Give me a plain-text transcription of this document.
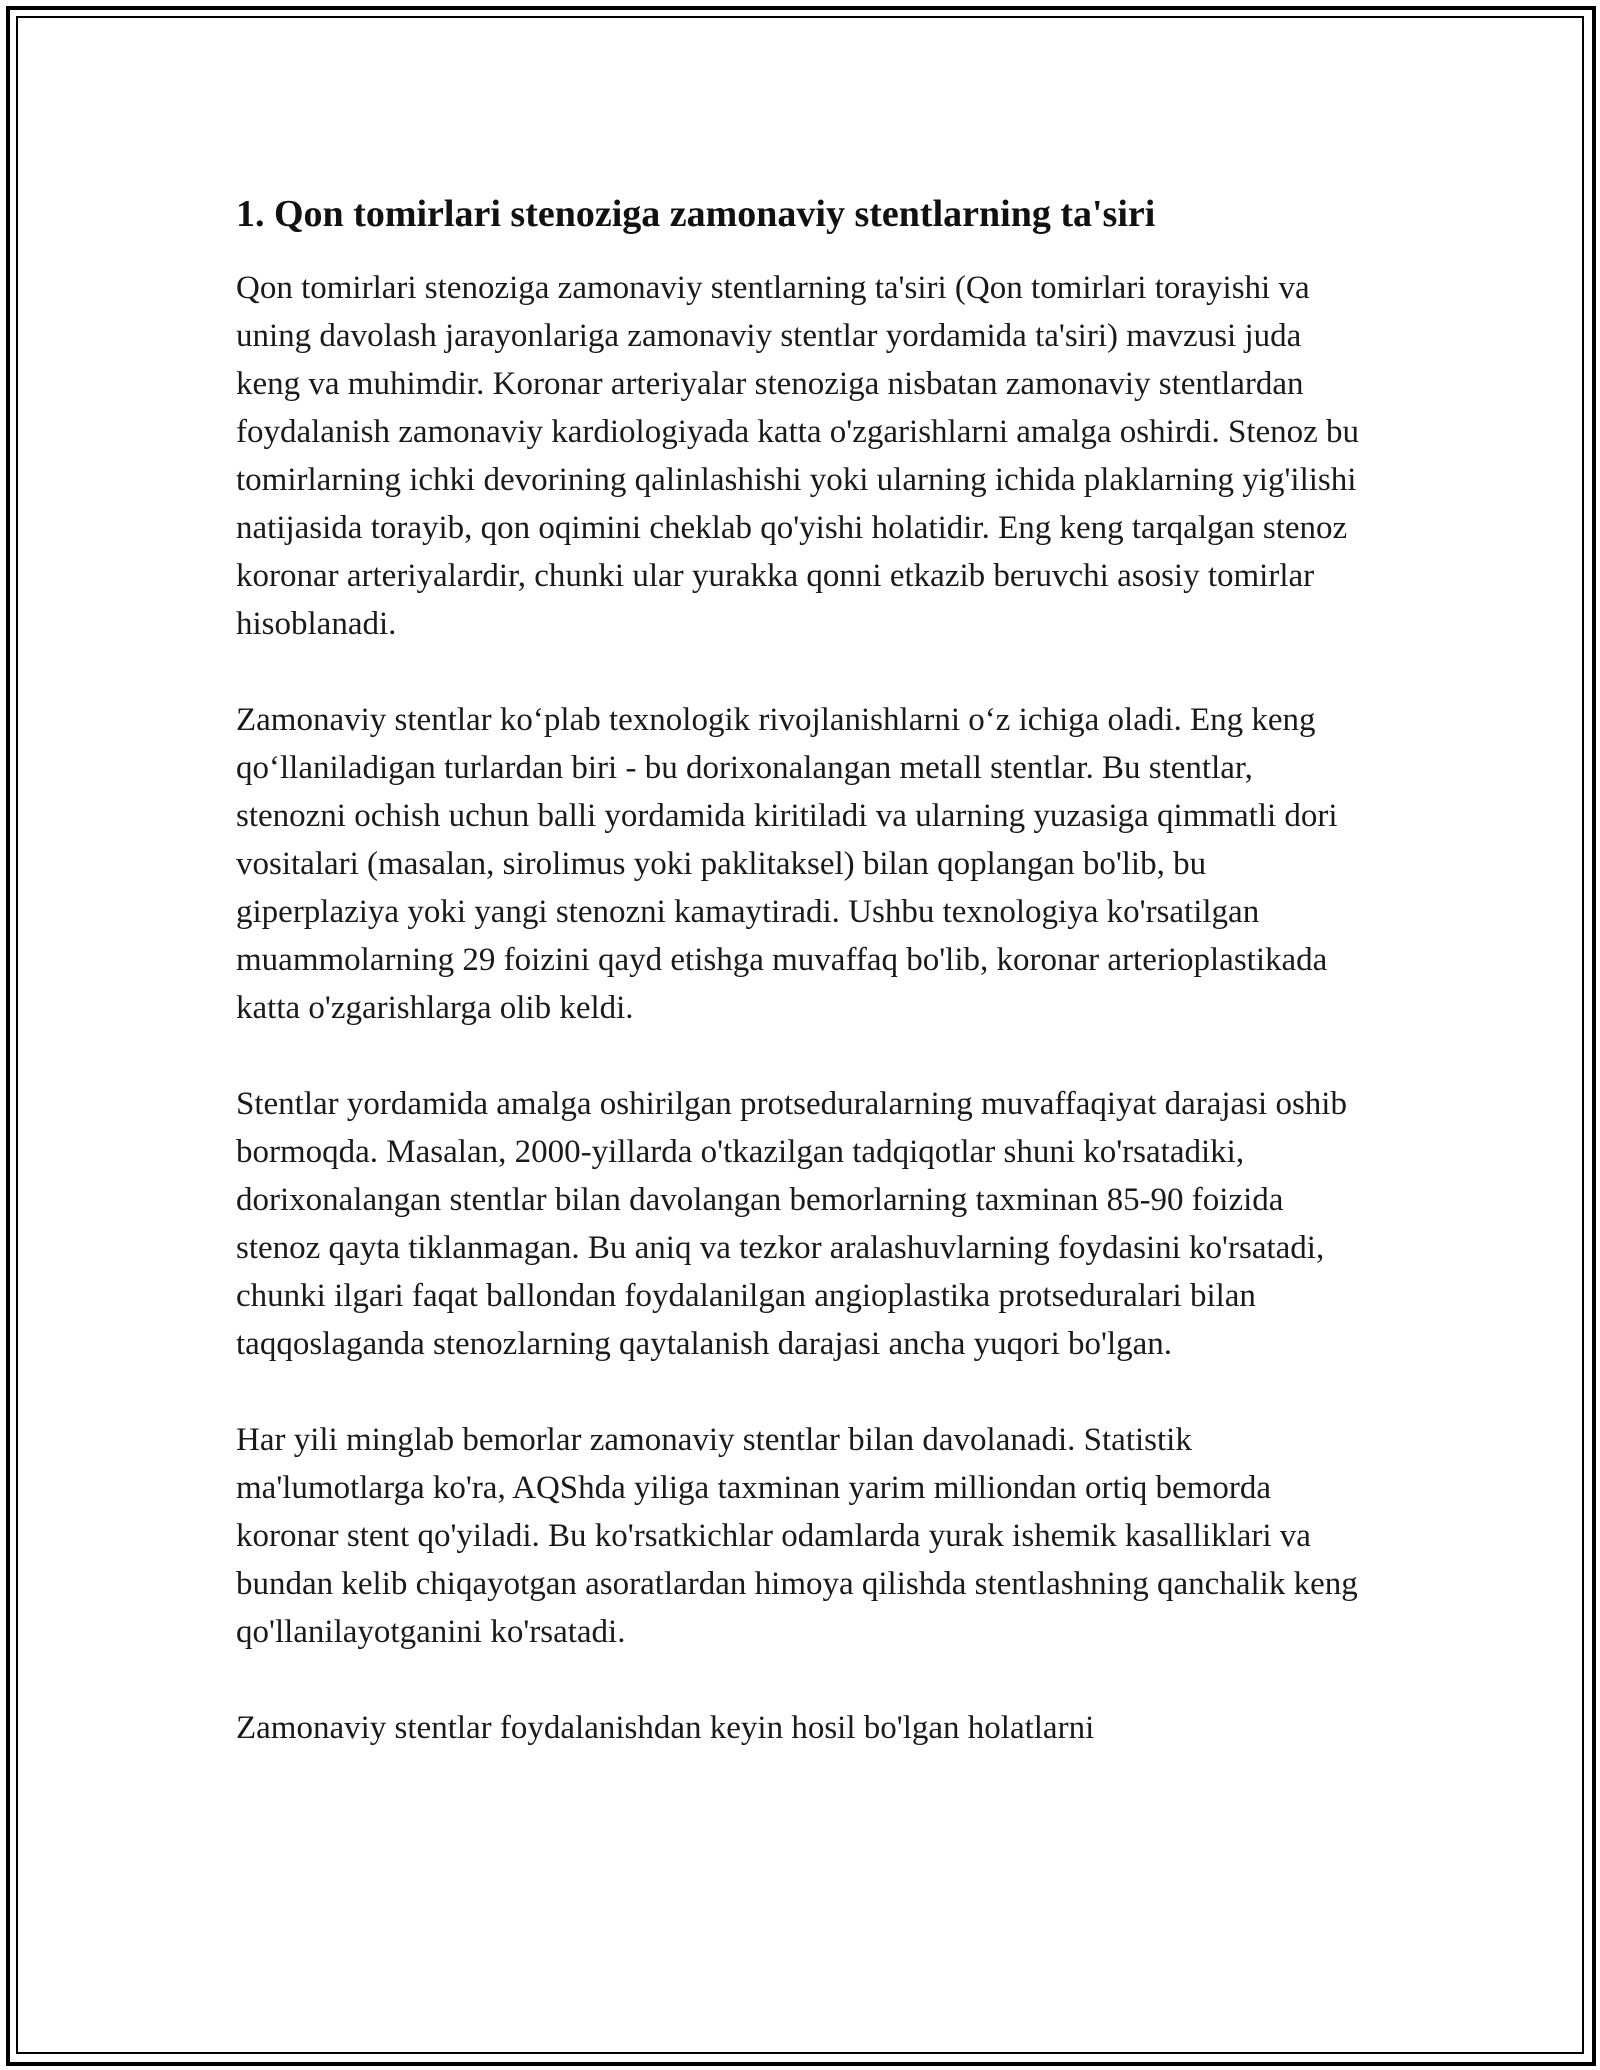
1. Qon tomirlari stenoziga zamonaviy stentlarning ta'siri

Qon tomirlari stenoziga zamonaviy stentlarning ta'siri (Qon tomirlari torayishi va uning davolash jarayonlariga zamonaviy stentlar yordamida ta'siri) mavzusi juda keng va muhimdir. Koronar arteriyalar stenoziga nisbatan zamonaviy stentlardan foydalanish zamonaviy kardiologiyada katta o'zgarishlarni amalga oshirdi. Stenoz bu tomirlarning ichki devorining qalinlashishi yoki ularning ichida plaklarning yig'ilishi natijasida torayib, qon oqimini cheklab qo'yishi holatidir. Eng keng tarqalgan stenoz koronar arteriyalardir, chunki ular yurakka qonni etkazib beruvchi asosiy tomirlar hisoblanadi.

Zamonaviy stentlar koʻplab texnologik rivojlanishlarni oʻz ichiga oladi. Eng keng qoʻllaniladigan turlardan biri - bu dorixonalangan metall stentlar. Bu stentlar, stenozni ochish uchun balli yordamida kiritiladi va ularning yuzasiga qimmatli dori vositalari (masalan, sirolimus yoki paklitaksel) bilan qoplangan bo'lib, bu giperplaziya yoki yangi stenozni kamaytiradi. Ushbu texnologiya ko'rsatilgan muammolarning 29 foizini qayd etishga muvaffaq bo'lib, koronar arterioplastikada katta o'zgarishlarga olib keldi.

Stentlar yordamida amalga oshirilgan protseduralarning muvaffaqiyat darajasi oshib bormoqda. Masalan, 2000-yillarda o'tkazilgan tadqiqotlar shuni ko'rsatadiki, dorixonalangan stentlar bilan davolangan bemorlarning taxminan 85-90 foizida stenoz qayta tiklanmagan. Bu aniq va tezkor aralashuvlarning foydasini ko'rsatadi, chunki ilgari faqat ballondan foydalanilgan angioplastika protseduralari bilan taqqoslaganda stenozlarning qaytalanish darajasi ancha yuqori bo'lgan.

Har yili minglab bemorlar zamonaviy stentlar bilan davolanadi. Statistik ma'lumotlarga ko'ra, AQShda yiliga taxminan yarim milliondan ortiq bemorda koronar stent qo'yiladi. Bu ko'rsatkichlar odamlarda yurak ishemik kasalliklari va bundan kelib chiqayotgan asoratlardan himoya qilishda stentlashning qanchalik keng qo'llanilayotganini ko'rsatadi.

Zamonaviy stentlar foydalanishdan keyin hosil bo'lgan holatlarni
